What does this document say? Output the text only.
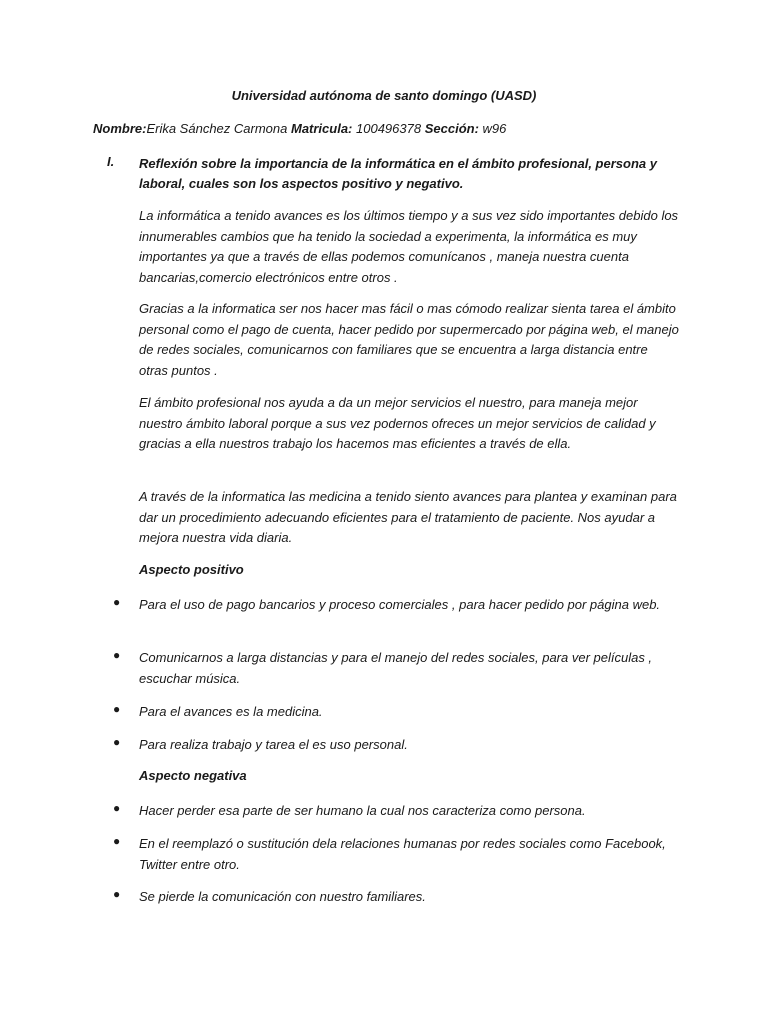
Universidad autónoma de santo domingo (UASD)
Nombre:Erika Sánchez Carmona Matricula: 100496378 Sección: w96
I. Reflexión sobre la importancia de la informática en el ámbito profesional, persona y laboral, cuales son los aspectos positivo y negativo.

La informática a tenido avances es los últimos tiempo y a sus vez sido importantes debido los innumerables cambios que ha tenido la sociedad a experimenta, la informática es muy importantes ya que a través de ellas podemos comunícanos , maneja nuestra cuenta bancarias,comercio electrónicos entre otros .

Gracias a la informatica ser nos hacer mas fácil o mas cómodo realizar sienta tarea el ámbito personal como el pago de cuenta, hacer pedido por supermercado por página web, el manejo de redes sociales, comunicarnos con familiares que se encuentra a larga distancia entre otras puntos .

El ámbito profesional nos ayuda a da un mejor servicios el nuestro, para maneja mejor nuestro ámbito laboral porque a sus vez podernos ofreces un mejor servicios de calidad y gracias a ella nuestros trabajo los hacemos mas eficientes a través de ella.

A través de la informatica las medicina a tenido siento avances para plantea y examinan para dar un procedimiento adecuando eficientes para el tratamiento de paciente. Nos ayudar a mejora nuestra vida diaria.

Aspecto positivo
●	Para el uso de pago bancarios y proceso comerciales , para hacer pedido por página web.
●	Comunicarnos a larga distancias y para el manejo del redes sociales, para ver películas , escuchar música.
●	Para el avances es la medicina.
●	Para realiza trabajo y tarea el es uso personal.
Aspecto negativa
●	Hacer perder esa parte de ser humano la cual nos caracteriza como persona.
●	En el reemplazó o sustitución dela relaciones humanas por redes sociales como Facebook, Twitter entre otro.
●	Se pierde la comunicación con nuestro familiares.
